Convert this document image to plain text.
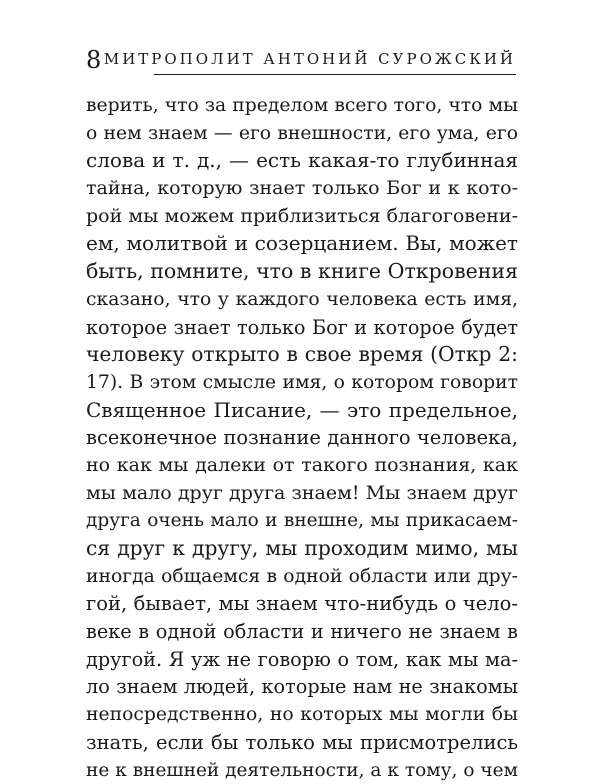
8 МИТРОПОЛИТ АНТОНИЙ СУРОЖСКИЙ
верить, что за пределом всего того, что мы
о нем знаем — его внешности, его ума, его
слова и т. д., — есть какая-то глубинная
тайна, которую знает только Бог и к кото-
рой мы можем приблизиться благоговени-
ем, молитвой и созерцанием. Вы, может
быть, помните, что в книге Откровения
сказано, что у каждого человека есть имя,
которое знает только Бог и которое будет
человеку открыто в свое время (Откр 2:
17). В этом смысле имя, о котором говорит
Священное Писание, — это предельное,
всеконечное познание данного человека,
но как мы далеки от такого познания, как
мы мало друг друга знаем! Мы знаем друг
друга очень мало и внешне, мы прикасаем-
ся друг к другу, мы проходим мимо, мы
иногда общаемся в одной области или дру-
гой, бывает, мы знаем что-нибудь о чело-
веке в одной области и ничего не знаем в
другой. Я уж не говорю о том, как мы ма-
ло знаем людей, которые нам не знакомы
непосредственно, но которых мы могли бы
знать, если бы только мы присмотрелись
не к внешней деятельности, а к тому, о чем
